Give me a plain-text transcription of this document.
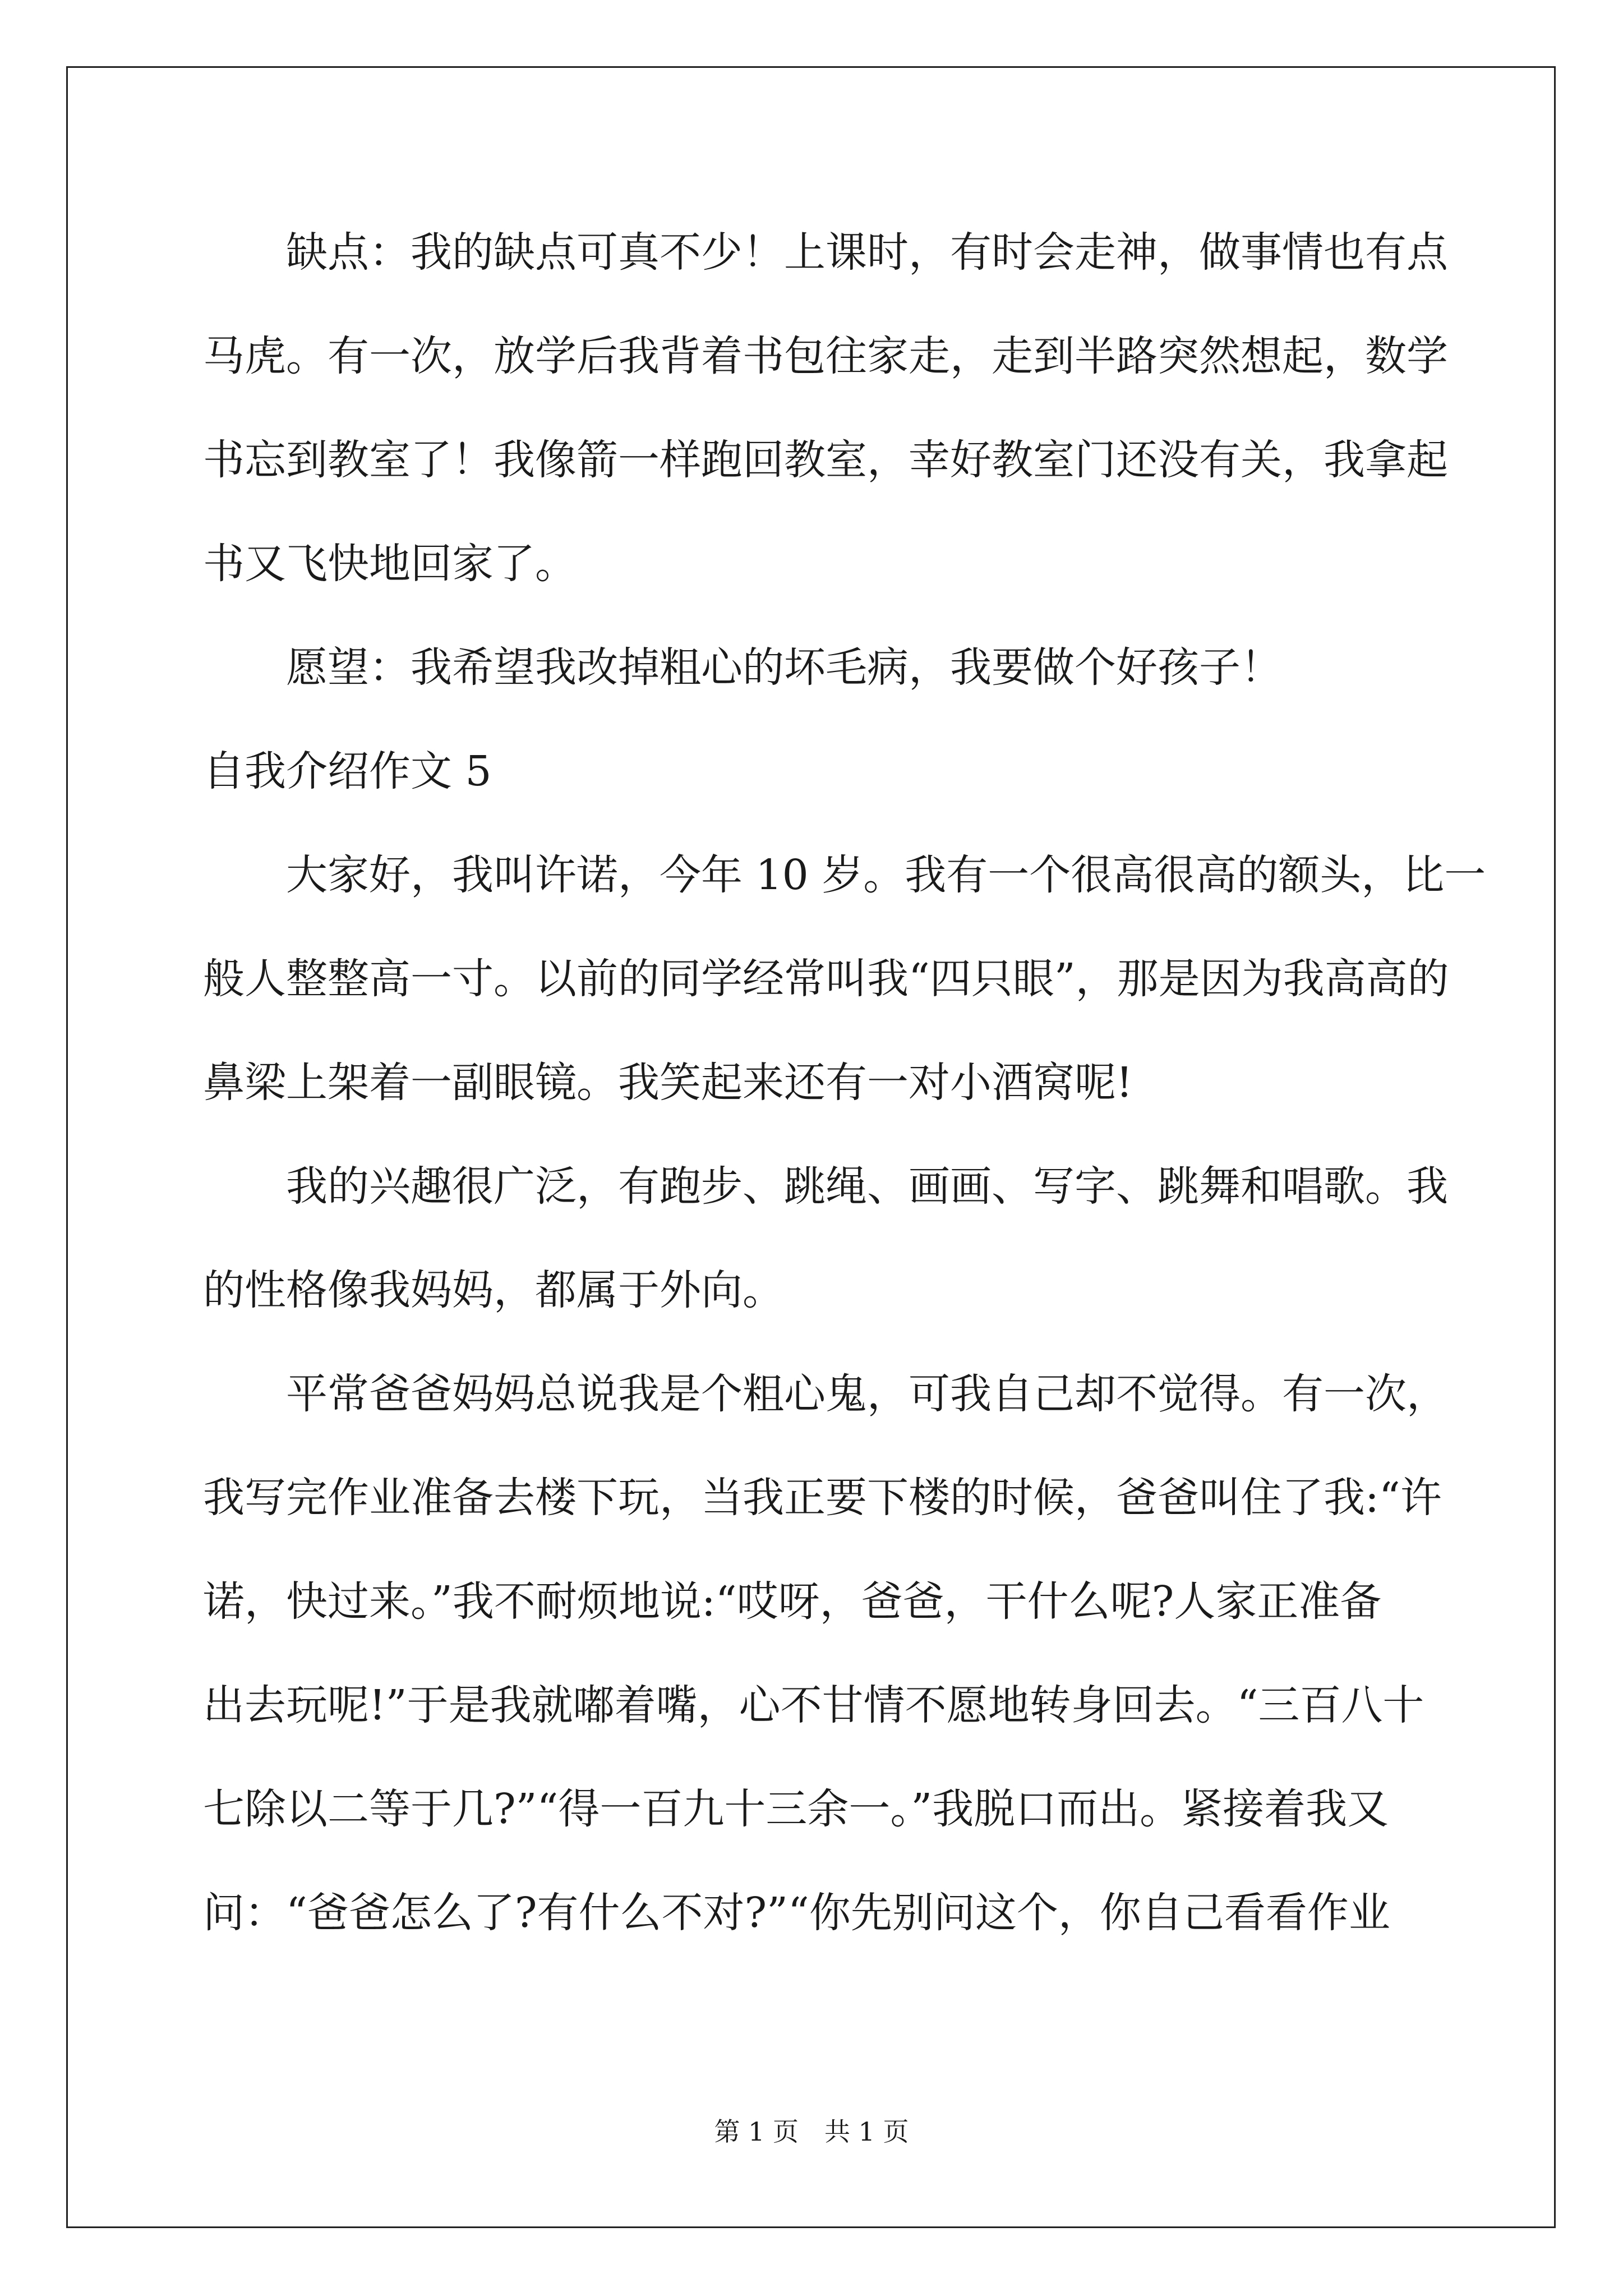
　　缺点：我的缺点可真不少！上课时，有时会走神，做事情也有点
马虎。有一次，放学后我背着书包往家走，走到半路突然想起，数学
书忘到教室了！我像箭一样跑回教室，幸好教室门还没有关，我拿起
书又飞快地回家了。
　　愿望：我希望我改掉粗心的坏毛病，我要做个好孩子！
自我介绍作文 5
　　大家好，我叫许诺，今年 10 岁。我有一个很高很高的额头，比一
般人整整高一寸。以前的同学经常叫我“四只眼”，那是因为我高高的
鼻梁上架着一副眼镜。我笑起来还有一对小酒窝呢!
　　我的兴趣很广泛，有跑步、跳绳、画画、写字、跳舞和唱歌。我
的性格像我妈妈，都属于外向。
　　平常爸爸妈妈总说我是个粗心鬼，可我自己却不觉得。有一次，
我写完作业准备去楼下玩，当我正要下楼的时候，爸爸叫住了我:“许
诺，快过来。”我不耐烦地说:“哎呀，爸爸，干什么呢?人家正准备
出去玩呢!”于是我就嘟着嘴，心不甘情不愿地转身回去。“三百八十
七除以二等于几?”“得一百九十三余一。”我脱口而出。紧接着我又
问：“爸爸怎么了?有什么不对?”“你先别问这个，你自己看看作业
第 1 页　共 1 页
